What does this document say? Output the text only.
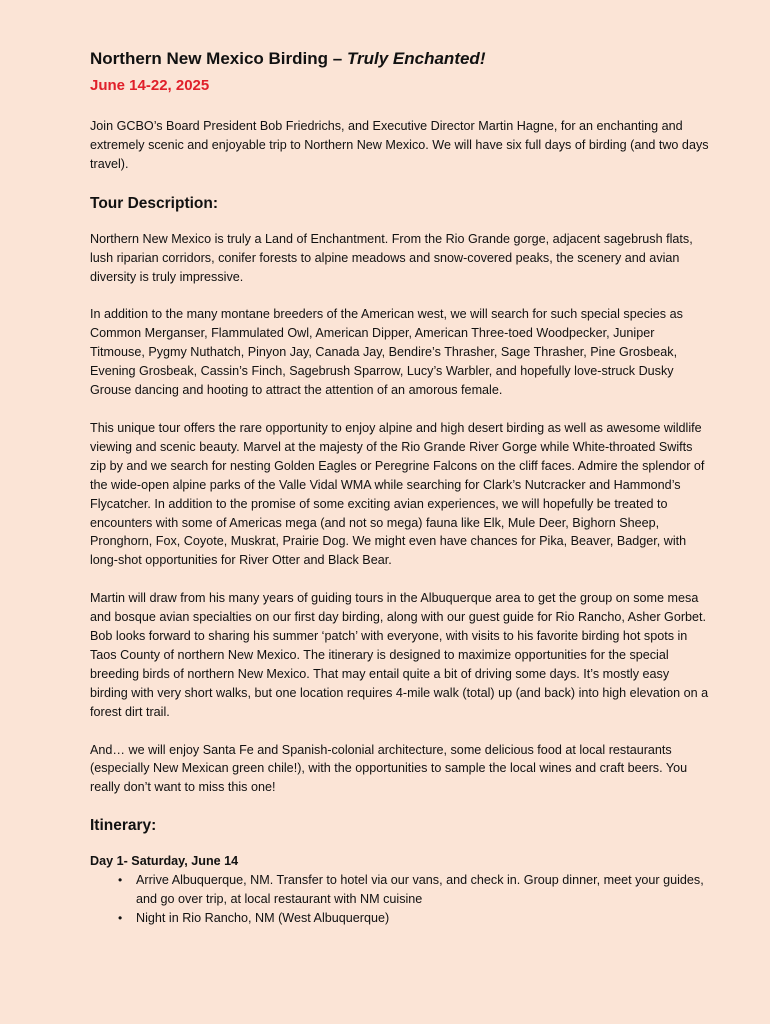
Northern New Mexico Birding – Truly Enchanted!
June 14-22, 2025

Join GCBO’s Board President Bob Friedrichs, and Executive Director Martin Hagne, for an enchanting and extremely scenic and enjoyable trip to Northern New Mexico. We will have six full days of birding (and two days travel).

Tour Description:

Northern New Mexico is truly a Land of Enchantment. From the Rio Grande gorge, adjacent sagebrush flats, lush riparian corridors, conifer forests to alpine meadows and snow-covered peaks, the scenery and avian diversity is truly impressive.

In addition to the many montane breeders of the American west, we will search for such special species as Common Merganser, Flammulated Owl, American Dipper, American Three-toed Woodpecker, Juniper Titmouse, Pygmy Nuthatch, Pinyon Jay, Canada Jay, Bendire’s Thrasher, Sage Thrasher, Pine Grosbeak, Evening Grosbeak, Cassin’s Finch, Sagebrush Sparrow, Lucy’s Warbler, and hopefully love-struck Dusky Grouse dancing and hooting to attract the attention of an amorous female.

This unique tour offers the rare opportunity to enjoy alpine and high desert birding as well as awesome wildlife viewing and scenic beauty. Marvel at the majesty of the Rio Grande River Gorge while White-throated Swifts zip by and we search for nesting Golden Eagles or Peregrine Falcons on the cliff faces. Admire the splendor of the wide-open alpine parks of the Valle Vidal WMA while searching for Clark’s Nutcracker and Hammond’s Flycatcher. In addition to the promise of some exciting avian experiences, we will hopefully be treated to encounters with some of Americas mega (and not so mega) fauna like Elk, Mule Deer, Bighorn Sheep, Pronghorn, Fox, Coyote, Muskrat, Prairie Dog. We might even have chances for Pika, Beaver, Badger, with long-shot opportunities for River Otter and Black Bear.

Martin will draw from his many years of guiding tours in the Albuquerque area to get the group on some mesa and bosque avian specialties on our first day birding, along with our guest guide for Rio Rancho, Asher Gorbet. Bob looks forward to sharing his summer ‘patch’ with everyone, with visits to his favorite birding hot spots in Taos County of northern New Mexico. The itinerary is designed to maximize opportunities for the special breeding birds of northern New Mexico. That may entail quite a bit of driving some days. It’s mostly easy birding with very short walks, but one location requires 4-mile walk (total) up (and back) into high elevation on a forest dirt trail.

And… we will enjoy Santa Fe and Spanish-colonial architecture, some delicious food at local restaurants (especially New Mexican green chile!), with the opportunities to sample the local wines and craft beers. You really don’t want to miss this one!

Itinerary:
Day 1- Saturday, June 14
• Arrive Albuquerque, NM. Transfer to hotel via our vans, and check in. Group dinner, meet your guides, and go over trip, at local restaurant with NM cuisine
• Night in Rio Rancho, NM (West Albuquerque)
